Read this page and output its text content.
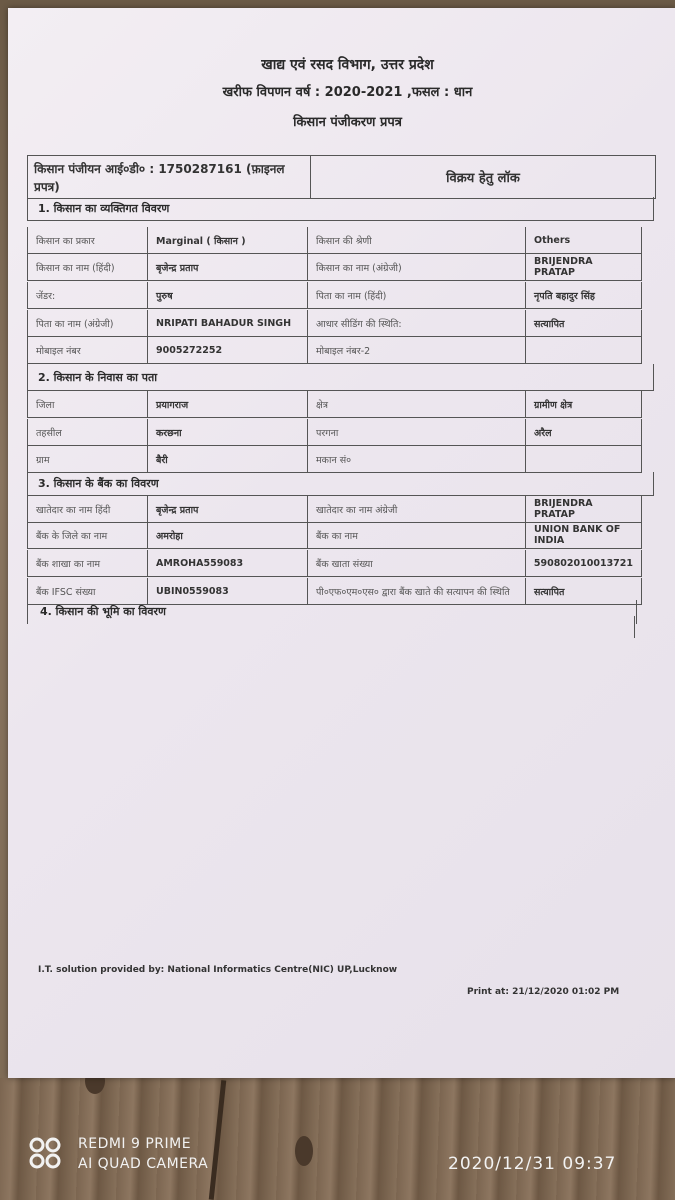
खाद्य एवं रसद विभाग, उत्तर प्रदेश
खरीफ विपणन वर्ष : 2020-2021 ,फसल : धान
किसान पंजीकरण प्रपत्र
किसान पंजीयन आई०डी० : 1750287161 (फ़ाइनल प्रपत्र)
विक्रय हेतु लॉक
1. किसान का व्यक्तिगत विवरण
किसान का प्रकार	Marginal ( किसान )	किसान की श्रेणी	Others
किसान का नाम (हिंदी)	बृजेन्द्र प्रताप	किसान का नाम (अंग्रेजी)
BRIJENDRA PRATAP
जेंडर:	पुरुष	पिता का नाम (हिंदी)	नृपति बहादुर सिंह
पिता का नाम (अंग्रेजी)	NRIPATI BAHADUR SINGH	आधार सीडिंग की स्थिति:	सत्यापित
मोबाइल नंबर	9005272252	मोबाइल नंबर-2
जिला	प्रयागराज	क्षेत्र	ग्रामीण क्षेत्र
तहसील	करछना	परगना	अरैल
ग्राम	बैरी	मकान सं०
खातेदार का नाम हिंदी	बृजेन्द्र प्रताप	खातेदार का नाम अंग्रेजी
BRIJENDRA PRATAP
बैंक के जिले का नाम	अमरोहा	बैंक का नाम
UNION BANK OF INDIA
बैंक शाखा का नाम	AMROHA559083	बैंक खाता संख्या	590802010013721
बैंक IFSC संख्या	UBIN0559083	पी०एफ०एम०एस० द्वारा बैंक खाते की सत्यापन की स्थिति	सत्यापित
2. किसान के निवास का पता
3. किसान के बैंक का विवरण
4. किसान की भूमि का विवरण
I.T. solution provided by: National Informatics Centre(NIC) UP,Lucknow
Print at: 21/12/2020 01:02 PM
REDMI 9 PRIME
AI QUAD CAMERA	2020/12/31 09:37
